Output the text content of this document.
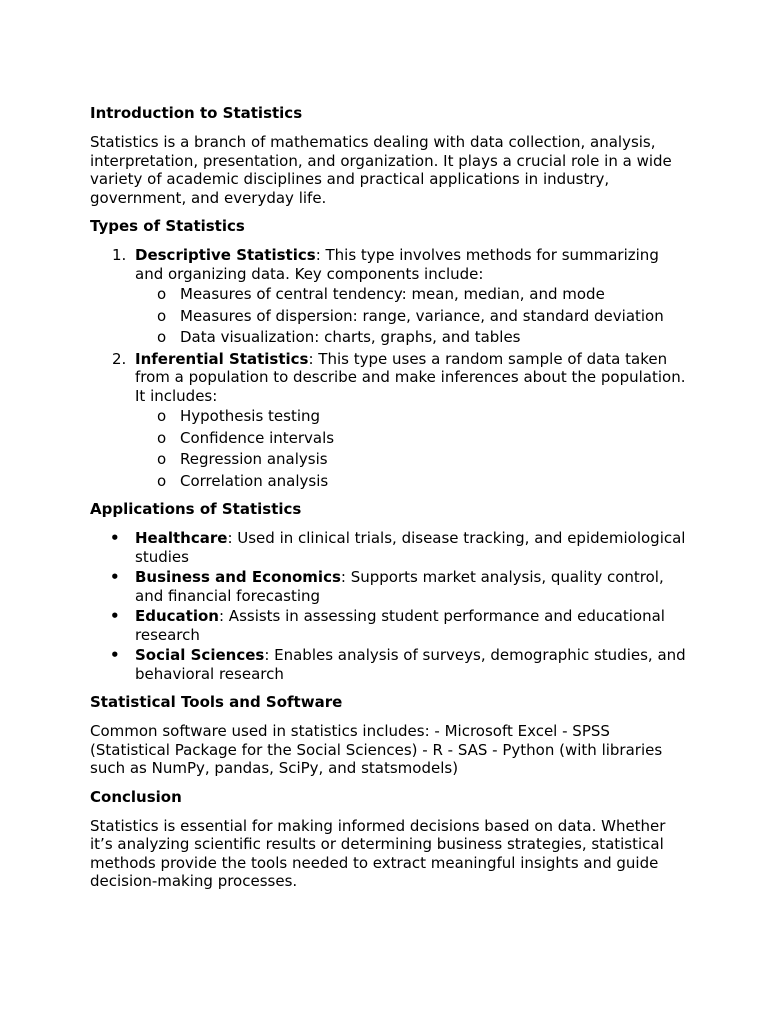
Introduction to Statistics

Statistics is a branch of mathematics dealing with data collection, analysis, interpretation, presentation, and organization. It plays a crucial role in a wide variety of academic disciplines and practical applications in industry, government, and everyday life.

Types of Statistics
1. Descriptive Statistics: This type involves methods for summarizing and organizing data. Key components include:
o Measures of central tendency: mean, median, and mode
o Measures of dispersion: range, variance, and standard deviation
o Data visualization: charts, graphs, and tables
2. Inferential Statistics: This type uses a random sample of data taken from a population to describe and make inferences about the population. It includes:
o Hypothesis testing
o Confidence intervals
o Regression analysis
o Correlation analysis
Applications of Statistics
• Healthcare: Used in clinical trials, disease tracking, and epidemiological studies
• Business and Economics: Supports market analysis, quality control, and financial forecasting
• Education: Assists in assessing student performance and educational research
• Social Sciences: Enables analysis of surveys, demographic studies, and behavioral research
Statistical Tools and Software

Common software used in statistics includes: - Microsoft Excel - SPSS (Statistical Package for the Social Sciences) - R - SAS - Python (with libraries such as NumPy, pandas, SciPy, and statsmodels)

Conclusion

Statistics is essential for making informed decisions based on data. Whether it’s analyzing scientific results or determining business strategies, statistical methods provide the tools needed to extract meaningful insights and guide decision-making processes.
